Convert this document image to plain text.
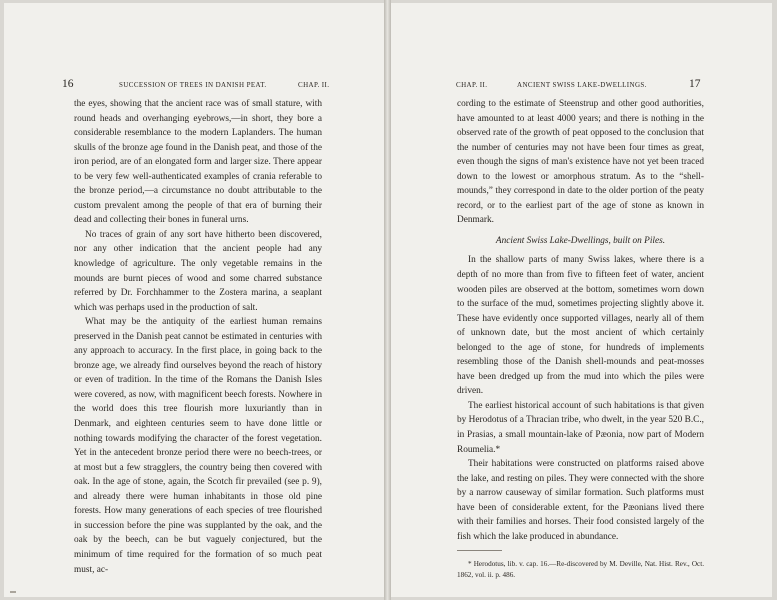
16	SUCCESSION OF TREES IN DANISH PEAT.	CHAP. II.

the eyes, showing that the ancient race was of small stature, with round heads and overhanging eyebrows,—in short, they bore a considerable resemblance to the modern Laplanders. The human skulls of the bronze age found in the Danish peat, and those of the iron period, are of an elongated form and larger size. There appear to be very few well-authenticated examples of crania referable to the bronze period,—a circumstance no doubt attributable to the custom prevalent among the people of that era of burning their dead and collecting their bones in funeral urns.

No traces of grain of any sort have hitherto been discovered, nor any other indication that the ancient people had any knowledge of agriculture. The only vegetable remains in the mounds are burnt pieces of wood and some charred substance referred by Dr. Forchhammer to the Zostera marina, a seaplant which was perhaps used in the production of salt.

What may be the antiquity of the earliest human remains preserved in the Danish peat cannot be estimated in centuries with any approach to accuracy. In the first place, in going back to the bronze age, we already find ourselves beyond the reach of history or even of tradition. In the time of the Romans the Danish Isles were covered, as now, with magnificent beech forests. Nowhere in the world does this tree flourish more luxuriantly than in Denmark, and eighteen centuries seem to have done little or nothing towards modifying the character of the forest vegetation. Yet in the antecedent bronze period there were no beech-trees, or at most but a few stragglers, the country being then covered with oak. In the age of stone, again, the Scotch fir prevailed (see p. 9), and already there were human inhabitants in those old pine forests. How many generations of each species of tree flourished in succession before the pine was supplanted by the oak, and the oak by the beech, can be but vaguely conjectured, but the minimum of time required for the formation of so much peat must, ac-

CHAP. II.	ANCIENT SWISS LAKE-DWELLINGS.	17

cording to the estimate of Steenstrup and other good authorities, have amounted to at least 4000 years; and there is nothing in the observed rate of the growth of peat opposed to the conclusion that the number of centuries may not have been four times as great, even though the signs of man's existence have not yet been traced down to the lowest or amorphous stratum. As to the “shell-mounds,” they correspond in date to the older portion of the peaty record, or to the earliest part of the age of stone as known in Denmark.

Ancient Swiss Lake-Dwellings, built on Piles.

In the shallow parts of many Swiss lakes, where there is a depth of no more than from five to fifteen feet of water, ancient wooden piles are observed at the bottom, sometimes worn down to the surface of the mud, sometimes projecting slightly above it. These have evidently once supported villages, nearly all of them of unknown date, but the most ancient of which certainly belonged to the age of stone, for hundreds of implements resembling those of the Danish shell-mounds and peat-mosses have been dredged up from the mud into which the piles were driven.

The earliest historical account of such habitations is that given by Herodotus of a Thracian tribe, who dwelt, in the year 520 B.C., in Prasias, a small mountain-lake of Pæonia, now part of Modern Roumelia.*

Their habitations were constructed on platforms raised above the lake, and resting on piles. They were connected with the shore by a narrow causeway of similar formation. Such platforms must have been of considerable extent, for the Pæonians lived there with their families and horses. Their food consisted largely of the fish which the lake produced in abundance.

* Herodotus, lib. v. cap. 16.—Re-discovered by M. Deville, Nat. Hist. Rev., Oct. 1862, vol. ii. p. 486.
